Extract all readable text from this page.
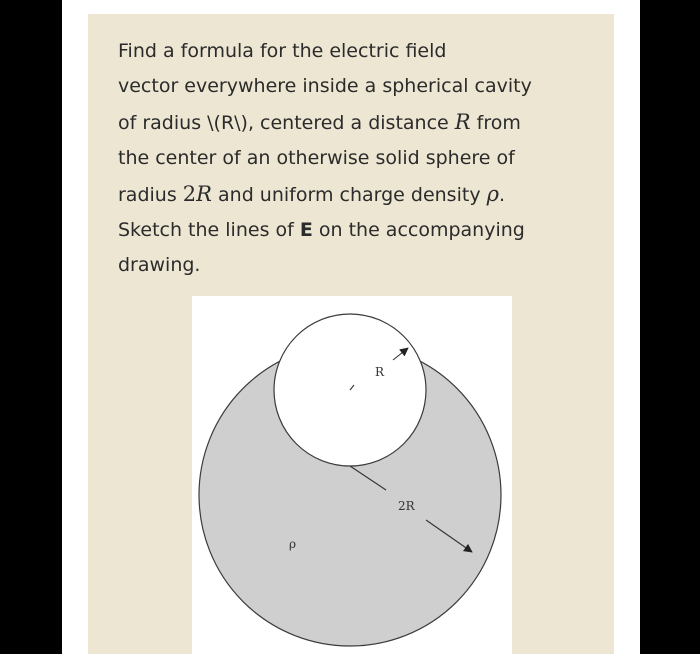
Find a formula for the electric field
vector everywhere inside a spherical cavity
of radius \(R\), centered a distance R from
the center of an otherwise solid sphere of
radius 2R and uniform charge density ρ.
Sketch the lines of E on the accompanying
drawing.

R
2R
ρ
